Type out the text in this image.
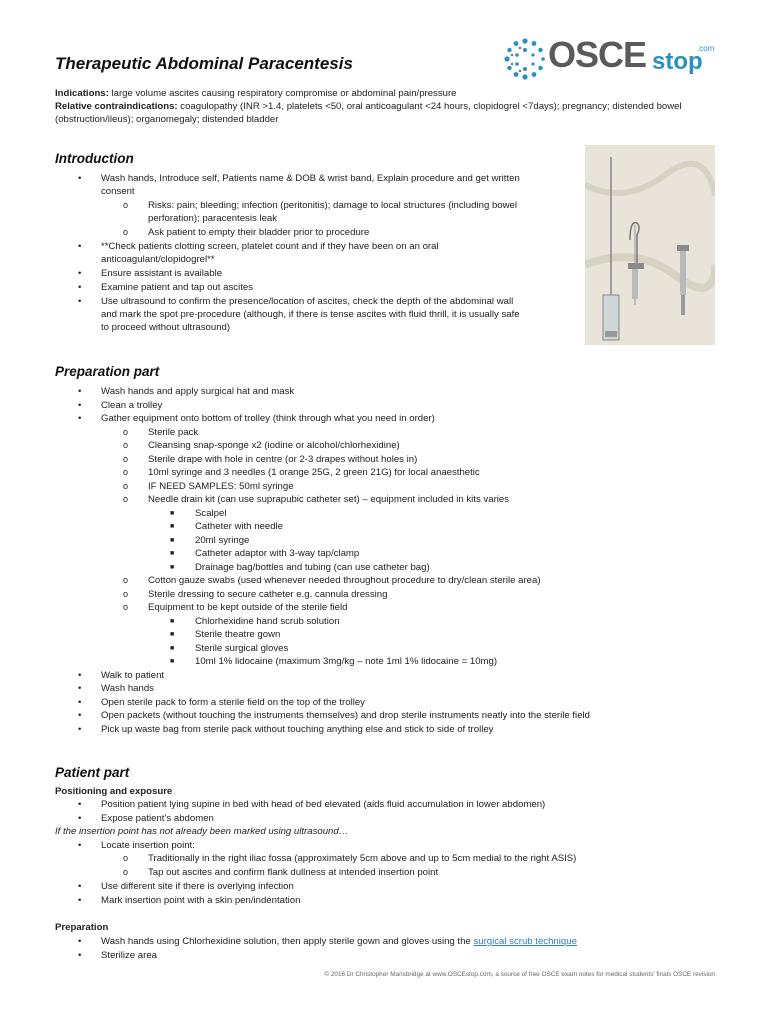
Therapeutic Abdominal Paracentesis	OSCE stop
.com
Indications: large volume ascites causing respiratory compromise or abdominal pain/pressure
Relative contraindications: coagulopathy (INR >1.4, platelets <50, oral anticoagulant <24 hours, clopidogrel <7days); pregnancy; distended bowel
(obstruction/ileus); organomegaly; distended bladder
Introduction
•
Wash hands, Introduce self, Patients name & DOB & wrist band, Explain procedure and get written
consent
o Risks: pain; bleeding; infection (peritonitis); damage to local structures (including bowel
perforation); paracentesis leak
o Ask patient to empty their bladder prior to procedure
•
**Check patients clotting screen, platelet count and if they have been on an oral
anticoagulant/clopidogrel**
•
Ensure assistant is available
•
Examine patient and tap out ascites
•
Use ultrasound to confirm the presence/location of ascites, check the depth of the abdominal wall
and mark the spot pre-procedure (although, if there is tense ascites with fluid thrill, it is usually safe
to proceed without ultrasound)
Preparation part
•
Wash hands and apply surgical hat and mask
•
Clean a trolley
•
Gather equipment onto bottom of trolley (think through what you need in order)
o Sterile pack
o Cleansing snap-sponge x2 (iodine or alcohol/chlorhexidine)
o Sterile drape with hole in centre (or 2-3 drapes without holes in)
o 10ml syringe and 3 needles (1 orange 25G, 2 green 21G) for local anaesthetic
o IF NEED SAMPLES: 50ml syringe
o Needle drain kit (can use suprapubic catheter set) – equipment included in kits varies
■ Scalpel
■ Catheter with needle
■ 20ml syringe
■ Catheter adaptor with 3-way tap/clamp
■ Drainage bag/bottles and tubing (can use catheter bag)
o Cotton gauze swabs (used whenever needed throughout procedure to dry/clean sterile area)
o Sterile dressing to secure catheter e.g. cannula dressing
o Equipment to be kept outside of the sterile field
■ Chlorhexidine hand scrub solution
■ Sterile theatre gown
■ Sterile surgical gloves
■ 10ml 1% lidocaine (maximum 3mg/kg – note 1ml 1% lidocaine = 10mg)
•
Walk to patient
•
Wash hands
•
Open sterile pack to form a sterile field on the top of the trolley
•
Open packets (without touching the instruments themselves) and drop sterile instruments neatly into the sterile field
•
Pick up waste bag from sterile pack without touching anything else and stick to side of trolley
Patient part
Positioning and exposure
•
Position patient lying supine in bed with head of bed elevated (aids fluid accumulation in lower abdomen)
•
Expose patient’s abdomen
If the insertion point has not already been marked using ultrasound…
•
Locate insertion point:
o Traditionally in the right iliac fossa (approximately 5cm above and up to 5cm medial to the right ASIS)
o Tap out ascites and confirm flank dullness at intended insertion point
•
Use different site if there is overlying infection
•
Mark insertion point with a skin pen/indentation
Preparation
•
Wash hands using Chlorhexidine solution, then apply sterile gown and gloves using the surgical scrub technique
•
Sterilize area
© 2016 Dr Christopher Mansbridge at www.OSCEstop.com, a source of free OSCE exam notes for medical students' finals OSCE revision
